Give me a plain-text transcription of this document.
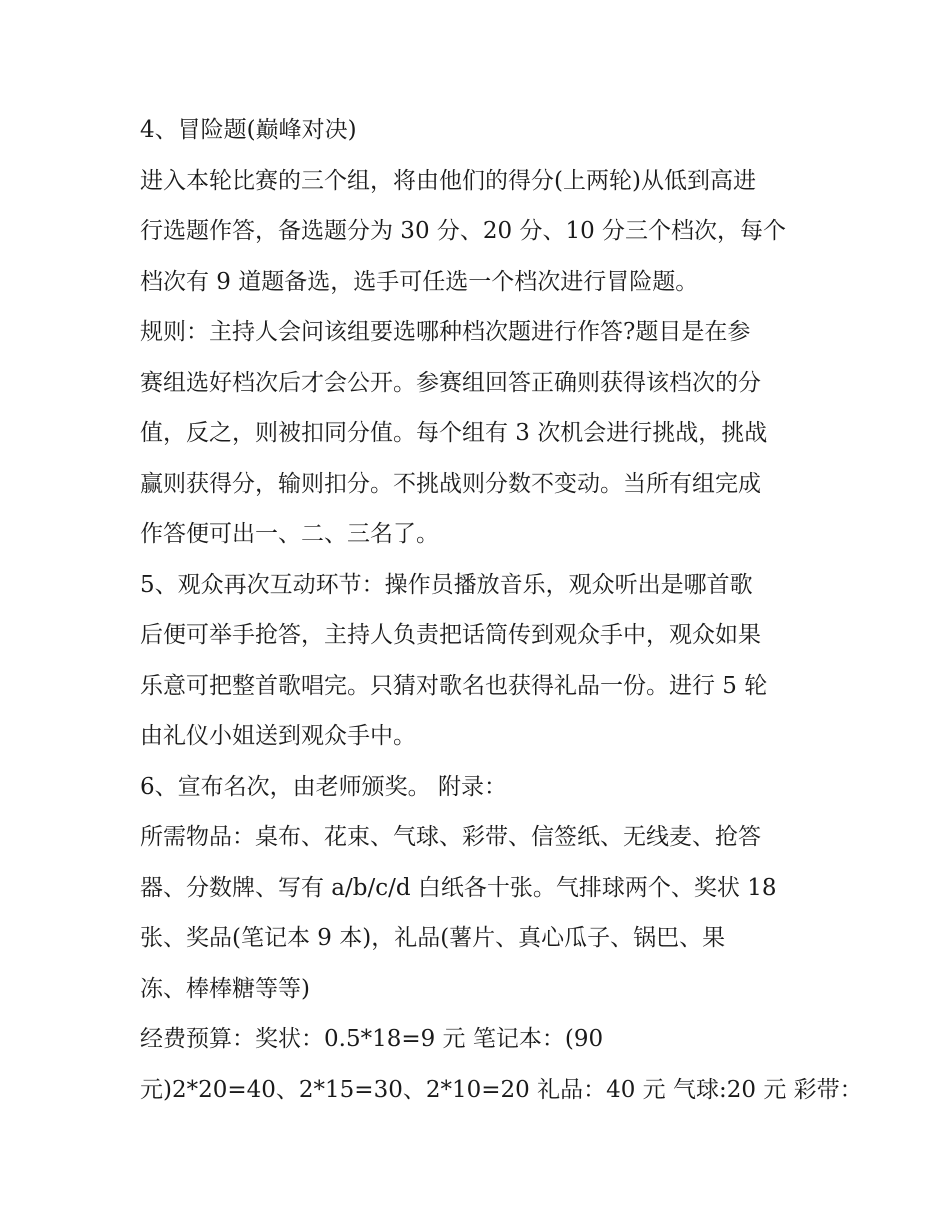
4、冒险题(巅峰对决)
进入本轮比赛的三个组，将由他们的得分(上两轮)从低到高进
行选题作答，备选题分为 30 分、20 分、10 分三个档次，每个
档次有 9 道题备选，选手可任选一个档次进行冒险题。
规则：主持人会问该组要选哪种档次题进行作答?题目是在参
赛组选好档次后才会公开。参赛组回答正确则获得该档次的分
值，反之，则被扣同分值。每个组有 3 次机会进行挑战，挑战
赢则获得分，输则扣分。不挑战则分数不变动。当所有组完成
作答便可出一、二、三名了。
5、观众再次互动环节：操作员播放音乐，观众听出是哪首歌
后便可举手抢答，主持人负责把话筒传到观众手中，观众如果
乐意可把整首歌唱完。只猜对歌名也获得礼品一份。进行 5 轮
由礼仪小姐送到观众手中。
6、宣布名次，由老师颁奖。 附录：
所需物品：桌布、花束、气球、彩带、信签纸、无线麦、抢答
器、分数牌、写有 a/b/c/d 白纸各十张。气排球两个、奖状 18
张、奖品(笔记本 9 本)，礼品(薯片、真心瓜子、锅巴、果
冻、棒棒糖等等)
经费预算：奖状：0.5*18=9 元 笔记本：(90
元)2*20=40、2*15=30、2*10=20 礼品：40 元 气球:20 元 彩带：
